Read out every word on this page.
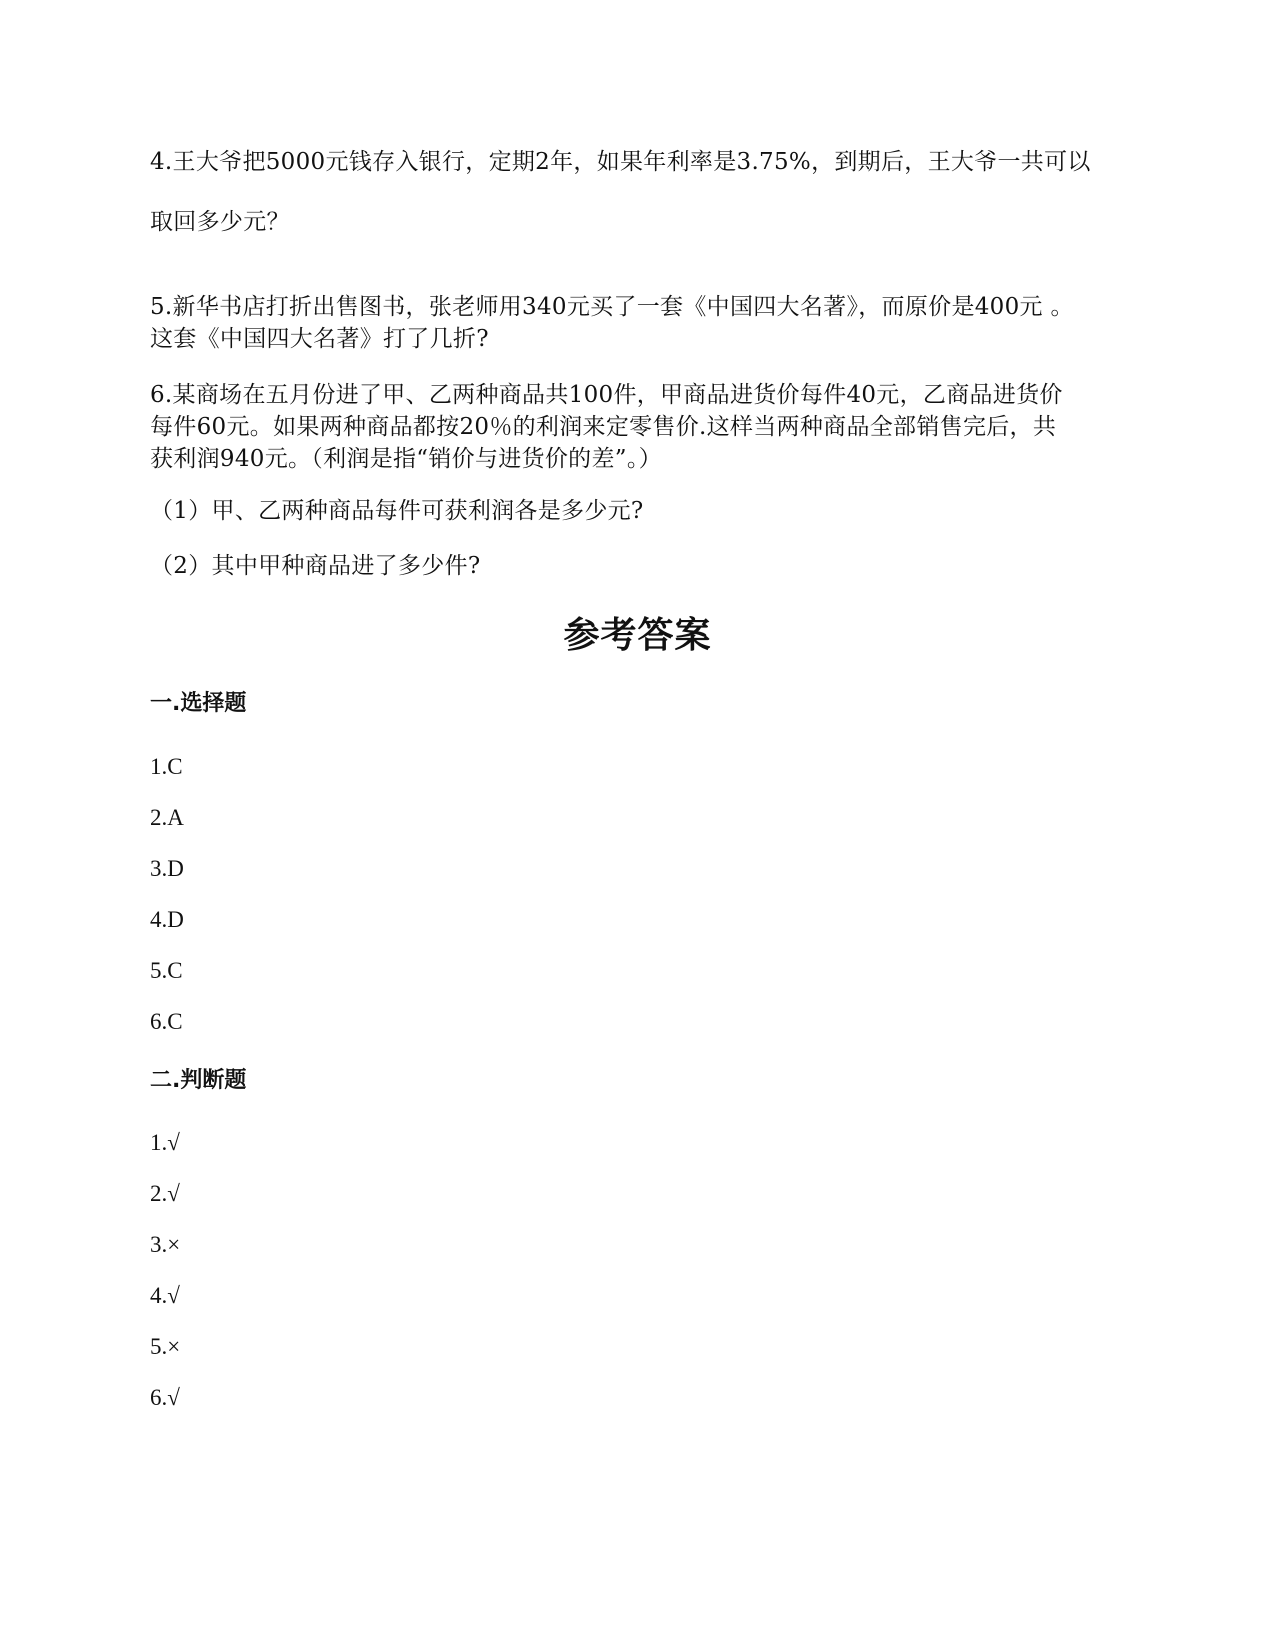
4.王大爷把5000元钱存入银行，定期2年，如果年利率是3.75%，到期后，王大爷一共可以
取回多少元？
5.新华书店打折出售图书，张老师用340元买了一套《中国四大名著》，而原价是400元 。
这套《中国四大名著》打了几折?
6.某商场在五月份进了甲、乙两种商品共100件，甲商品进货价每件40元，乙商品进货价
每件60元。如果两种商品都按20％的利润来定零售价.这样当两种商品全部销售完后，共
获利润940元。（利润是指“销价与进货价的差”。）
（1）甲、乙两种商品每件可获利润各是多少元?
（2）其中甲种商品进了多少件?
参考答案
一.选择题
1.C
2.A
3.D
4.D
5.C
6.C
二.判断题
1.√
2.√
3.×
4.√
5.×
6.√
